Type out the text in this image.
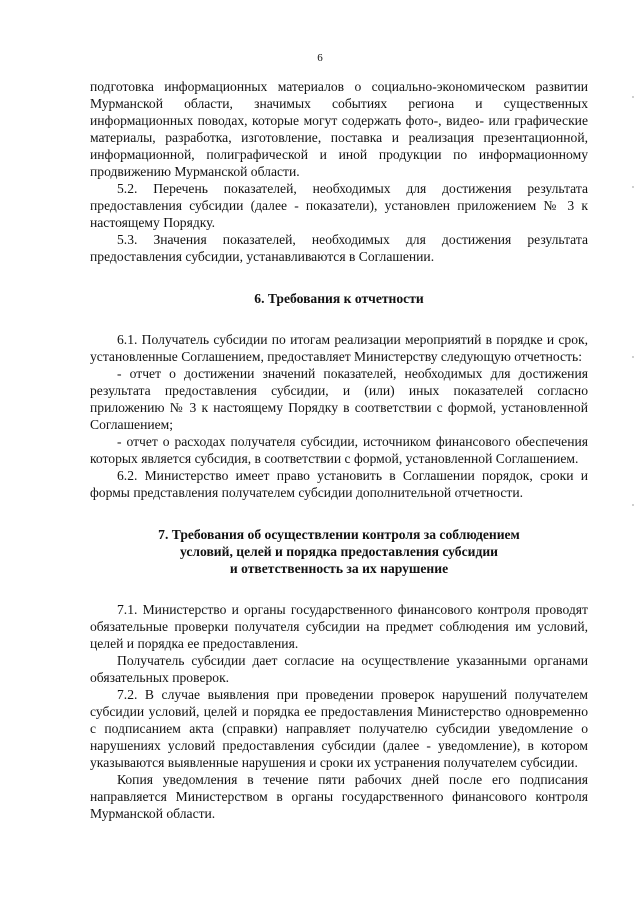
6

подготовка информационных материалов о социально-экономическом развитии Мурманской области, значимых событиях региона и существенных информационных поводах, которые могут содержать фото-, видео- или графические материалы, разработка, изготовление, поставка и реализация презентационной, информационной, полиграфической и иной продукции по информационному продвижению Мурманской области.

5.2. Перечень показателей, необходимых для достижения результата предоставления субсидии (далее - показатели), установлен приложением № 3 к настоящему Порядку.

5.3. Значения показателей, необходимых для достижения результата предоставления субсидии, устанавливаются в Соглашении.

6. Требования к отчетности

6.1. Получатель субсидии по итогам реализации мероприятий в порядке и срок, установленные Соглашением, предоставляет Министерству следующую отчетность:

- отчет о достижении значений показателей, необходимых для достижения результата предоставления субсидии, и (или) иных показателей согласно приложению № 3 к настоящему Порядку в соответствии с формой, установленной Соглашением;

- отчет о расходах получателя субсидии, источником финансового обеспечения которых является субсидия, в соответствии с формой, установленной Соглашением.

6.2. Министерство имеет право установить в Соглашении порядок, сроки и формы представления получателем субсидии дополнительной отчетности.

7. Требования об осуществлении контроля за соблюдением

условий, целей и порядка предоставления субсидии

и ответственность за их нарушение

7.1. Министерство и органы государственного финансового контроля проводят обязательные проверки получателя субсидии на предмет соблюдения им условий, целей и порядка ее предоставления.

Получатель субсидии дает согласие на осуществление указанными органами обязательных проверок.

7.2. В случае выявления при проведении проверок нарушений получателем субсидии условий, целей и порядка ее предоставления Министерство одновременно с подписанием акта (справки) направляет получателю субсидии уведомление о нарушениях условий предоставления субсидии (далее - уведомление), в котором указываются выявленные нарушения и сроки их устранения получателем субсидии.

Копия уведомления в течение пяти рабочих дней после его подписания направляется Министерством в органы государственного финансового контроля Мурманской области.
